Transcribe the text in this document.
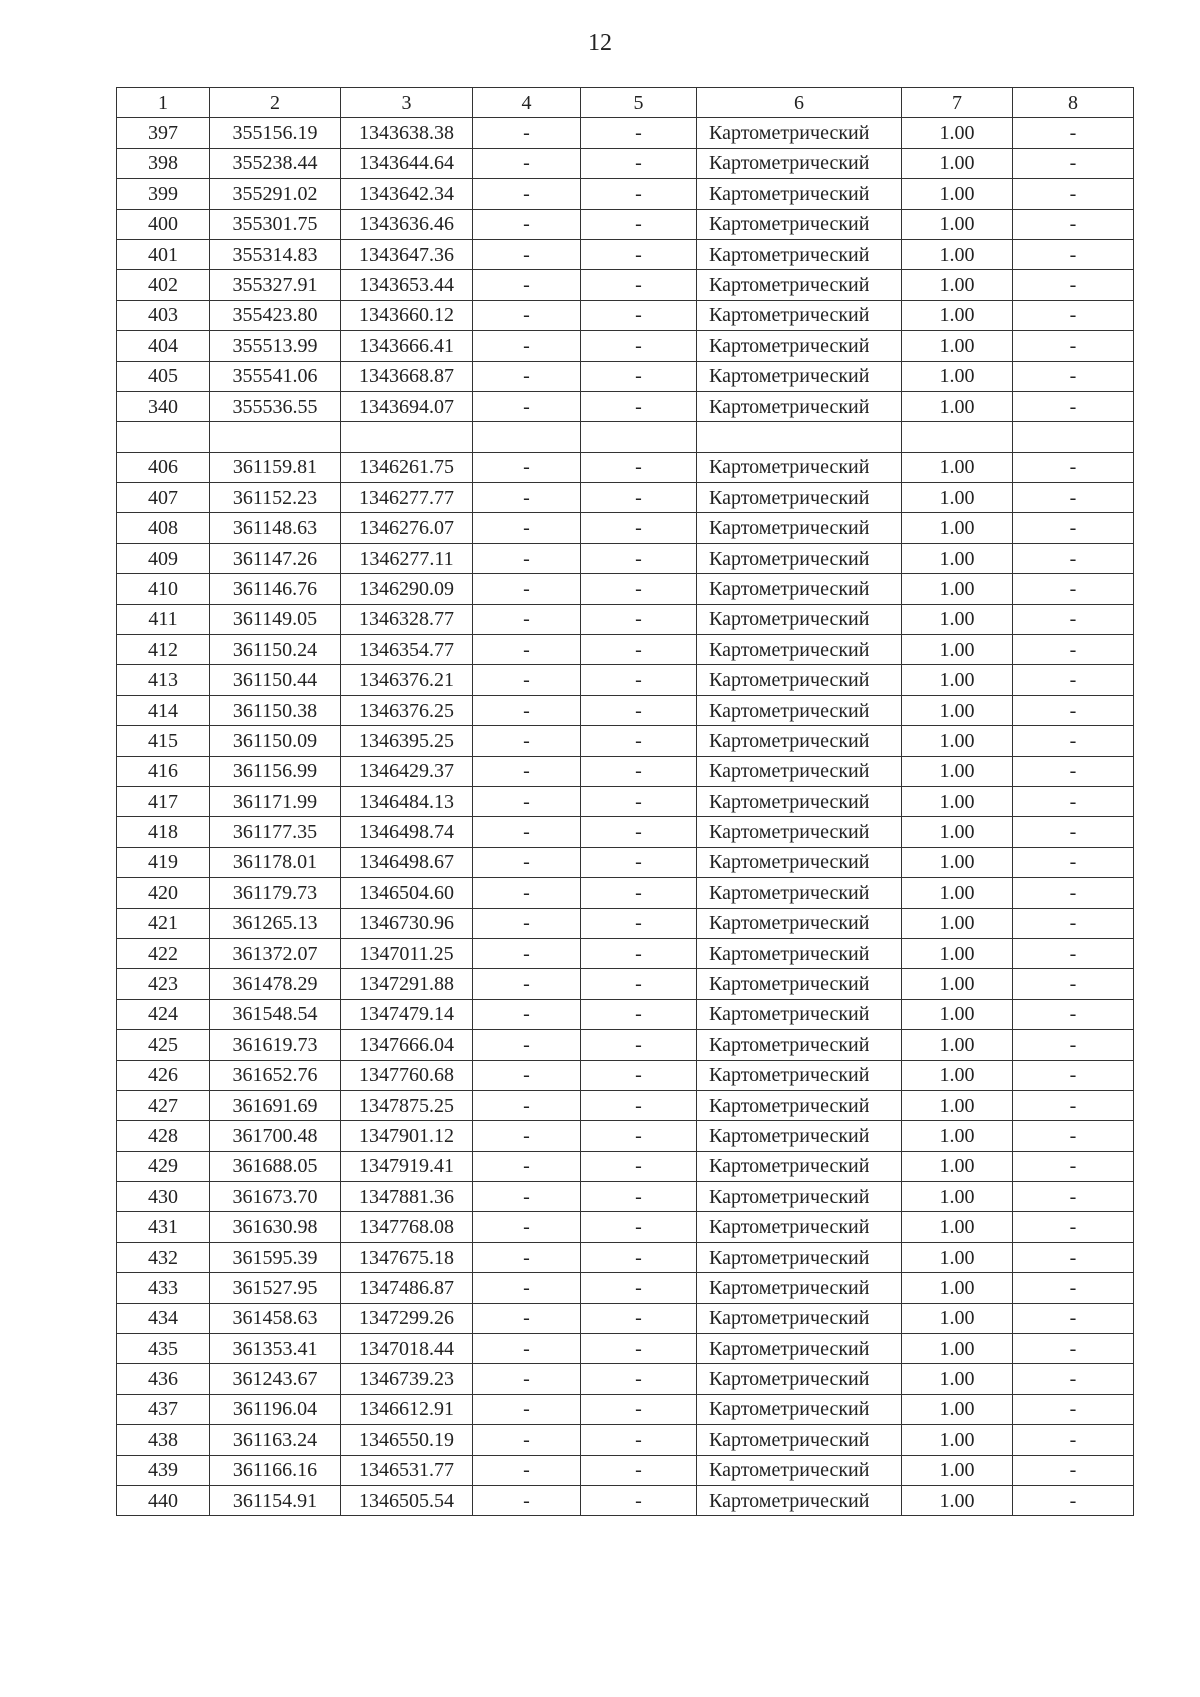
12
1	2	3	4	5	6	7	8
397	355156.19	1343638.38	-	-	Картометрический	1.00	-
398	355238.44	1343644.64	-	-	Картометрический	1.00	-
399	355291.02	1343642.34	-	-	Картометрический	1.00	-
400	355301.75	1343636.46	-	-	Картометрический	1.00	-
401	355314.83	1343647.36	-	-	Картометрический	1.00	-
402	355327.91	1343653.44	-	-	Картометрический	1.00	-
403	355423.80	1343660.12	-	-	Картометрический	1.00	-
404	355513.99	1343666.41	-	-	Картометрический	1.00	-
405	355541.06	1343668.87	-	-	Картометрический	1.00	-
340	355536.55	1343694.07	-	-	Картометрический	1.00	-

406	361159.81	1346261.75	-	-	Картометрический	1.00	-
407	361152.23	1346277.77	-	-	Картометрический	1.00	-
408	361148.63	1346276.07	-	-	Картометрический	1.00	-
409	361147.26	1346277.11	-	-	Картометрический	1.00	-
410	361146.76	1346290.09	-	-	Картометрический	1.00	-
411	361149.05	1346328.77	-	-	Картометрический	1.00	-
412	361150.24	1346354.77	-	-	Картометрический	1.00	-
413	361150.44	1346376.21	-	-	Картометрический	1.00	-
414	361150.38	1346376.25	-	-	Картометрический	1.00	-
415	361150.09	1346395.25	-	-	Картометрический	1.00	-
416	361156.99	1346429.37	-	-	Картометрический	1.00	-
417	361171.99	1346484.13	-	-	Картометрический	1.00	-
418	361177.35	1346498.74	-	-	Картометрический	1.00	-
419	361178.01	1346498.67	-	-	Картометрический	1.00	-
420	361179.73	1346504.60	-	-	Картометрический	1.00	-
421	361265.13	1346730.96	-	-	Картометрический	1.00	-
422	361372.07	1347011.25	-	-	Картометрический	1.00	-
423	361478.29	1347291.88	-	-	Картометрический	1.00	-
424	361548.54	1347479.14	-	-	Картометрический	1.00	-
425	361619.73	1347666.04	-	-	Картометрический	1.00	-
426	361652.76	1347760.68	-	-	Картометрический	1.00	-
427	361691.69	1347875.25	-	-	Картометрический	1.00	-
428	361700.48	1347901.12	-	-	Картометрический	1.00	-
429	361688.05	1347919.41	-	-	Картометрический	1.00	-
430	361673.70	1347881.36	-	-	Картометрический	1.00	-
431	361630.98	1347768.08	-	-	Картометрический	1.00	-
432	361595.39	1347675.18	-	-	Картометрический	1.00	-
433	361527.95	1347486.87	-	-	Картометрический	1.00	-
434	361458.63	1347299.26	-	-	Картометрический	1.00	-
435	361353.41	1347018.44	-	-	Картометрический	1.00	-
436	361243.67	1346739.23	-	-	Картометрический	1.00	-
437	361196.04	1346612.91	-	-	Картометрический	1.00	-
438	361163.24	1346550.19	-	-	Картометрический	1.00	-
439	361166.16	1346531.77	-	-	Картометрический	1.00	-
440	361154.91	1346505.54	-	-	Картометрический	1.00	-
